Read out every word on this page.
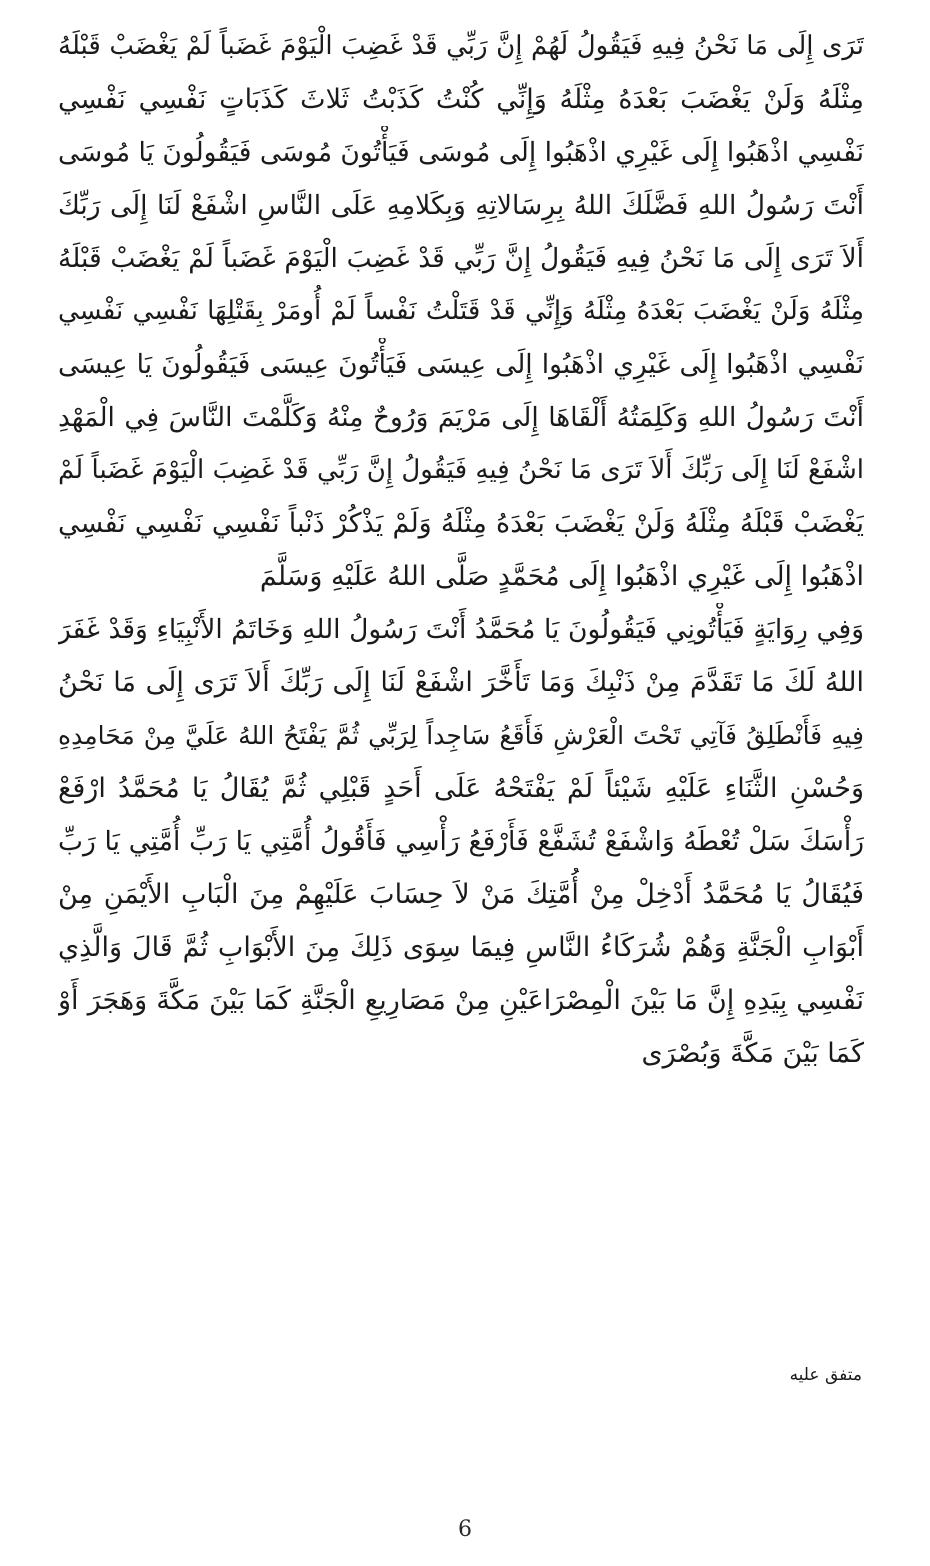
تَرَى إِلَى مَا نَحْنُ فِيهِ فَيَقُولُ لَهُمْ إِنَّ رَبِّي قَدْ غَضِبَ الْيَوْمَ غَضَباً لَمْ يَغْضَبْ قَبْلَهُ
مِثْلَهُ وَلَنْ يَغْضَبَ بَعْدَهُ مِثْلَهُ وَإِنِّي كُنْتُ كَذَبْتُ ثَلاثَ كَذَبَاتٍ نَفْسِي نَفْسِي
نَفْسِي اذْهَبُوا إِلَى غَيْرِي اذْهَبُوا إِلَى مُوسَى فَيَأْتُونَ مُوسَى فَيَقُولُونَ يَا مُوسَى
أَنْتَ رَسُولُ اللهِ فَضَّلَكَ اللهُ بِرِسَالاتِهِ وَبِكَلامِهِ عَلَى النَّاسِ اشْفَعْ لَنَا إِلَى رَبِّكَ
أَلاَ تَرَى إِلَى مَا نَحْنُ فِيهِ فَيَقُولُ إِنَّ رَبِّي قَدْ غَضِبَ الْيَوْمَ غَضَباً لَمْ يَغْضَبْ قَبْلَهُ
مِثْلَهُ وَلَنْ يَغْضَبَ بَعْدَهُ مِثْلَهُ وَإِنِّي قَدْ قَتَلْتُ نَفْساً لَمْ أُومَرْ بِقَتْلِهَا نَفْسِي نَفْسِي
نَفْسِي اذْهَبُوا إِلَى غَيْرِي اذْهَبُوا إِلَى عِيسَى فَيَأْتُونَ عِيسَى فَيَقُولُونَ يَا عِيسَى
أَنْتَ رَسُولُ اللهِ وَكَلِمَتُهُ أَلْقَاهَا إِلَى مَرْيَمَ وَرُوحٌ مِنْهُ وَكَلَّمْتَ النَّاسَ فِي الْمَهْدِ
اشْفَعْ لَنَا إِلَى رَبِّكَ أَلاَ تَرَى مَا نَحْنُ فِيهِ فَيَقُولُ إِنَّ رَبِّي قَدْ غَضِبَ الْيَوْمَ غَضَباً لَمْ
يَغْضَبْ قَبْلَهُ مِثْلَهُ وَلَنْ يَغْضَبَ بَعْدَهُ مِثْلَهُ وَلَمْ يَذْكُرْ ذَنْباً نَفْسِي نَفْسِي نَفْسِي
اذْهَبُوا إِلَى غَيْرِي اذْهَبُوا إِلَى مُحَمَّدٍ صَلَّى اللهُ عَلَيْهِ وَسَلَّمَ
وَفِي رِوَايَةٍ فَيَأْتُونِي فَيَقُولُونَ يَا مُحَمَّدُ أَنْتَ رَسُولُ اللهِ وَخَاتَمُ الأَنْبِيَاءِ وَقَدْ غَفَرَ
اللهُ لَكَ مَا تَقَدَّمَ مِنْ ذَنْبِكَ وَمَا تَأَخَّرَ اشْفَعْ لَنَا إِلَى رَبِّكَ أَلاَ تَرَى إِلَى مَا نَحْنُ
فِيهِ فَأَنْطَلِقُ فَآتِي تَحْتَ الْعَرْشِ فَأَقَعُ سَاجِداً لِرَبِّي ثُمَّ يَفْتَحُ اللهُ عَلَيَّ مِنْ مَحَامِدِهِ
وَحُسْنِ الثَّنَاءِ عَلَيْهِ شَيْئاً لَمْ يَفْتَحْهُ عَلَى أَحَدٍ قَبْلِي ثُمَّ يُقَالُ يَا مُحَمَّدُ ارْفَعْ
رَأْسَكَ سَلْ تُعْطَهُ وَاشْفَعْ تُشَفَّعْ فَأَرْفَعُ رَأْسِي فَأَقُولُ أُمَّتِي يَا رَبِّ أُمَّتِي يَا رَبِّ
فَيُقَالُ يَا مُحَمَّدُ أَدْخِلْ مِنْ أُمَّتِكَ مَنْ لاَ حِسَابَ عَلَيْهِمْ مِنَ الْبَابِ الأَيْمَنِ مِنْ
أَبْوَابِ الْجَنَّةِ وَهُمْ شُرَكَاءُ النَّاسِ فِيمَا سِوَى ذَلِكَ مِنَ الأَبْوَابِ ثُمَّ قَالَ وَالَّذِي
نَفْسِي بِيَدِهِ إِنَّ مَا بَيْنَ الْمِصْرَاعَيْنِ مِنْ مَصَارِيعِ الْجَنَّةِ كَمَا بَيْنَ مَكَّةَ وَهَجَرَ أَوْ
كَمَا بَيْنَ مَكَّةَ وَبُصْرَى
متفق عليه
6
